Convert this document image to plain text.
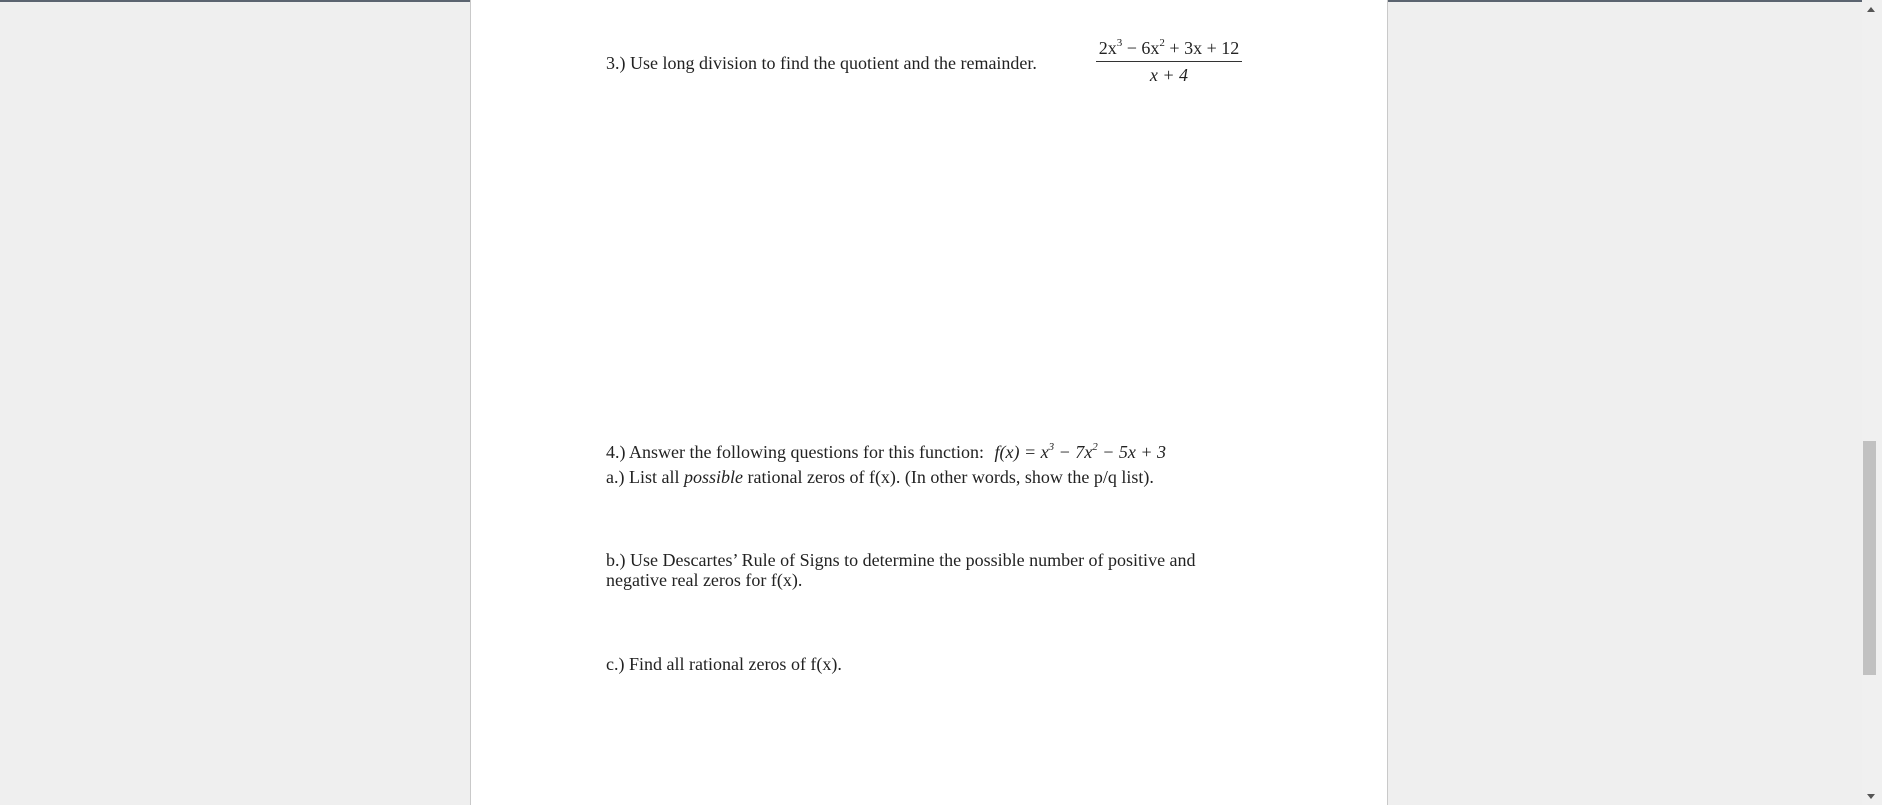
3.) Use long division to find the quotient and the remainder.	$\frac{2x^3 - 6x^2 + 3x + 12}{x + 4}$
4.) Answer the following questions for this function: $f(x) = x^3 - 7x^2 - 5x + 3$
a.) List all possible rational zeros of f(x). (In other words, show the p/q list).
b.) Use Descartes’ Rule of Signs to determine the possible number of positive and
negative real zeros for f(x).
c.) Find all rational zeros of f(x).
